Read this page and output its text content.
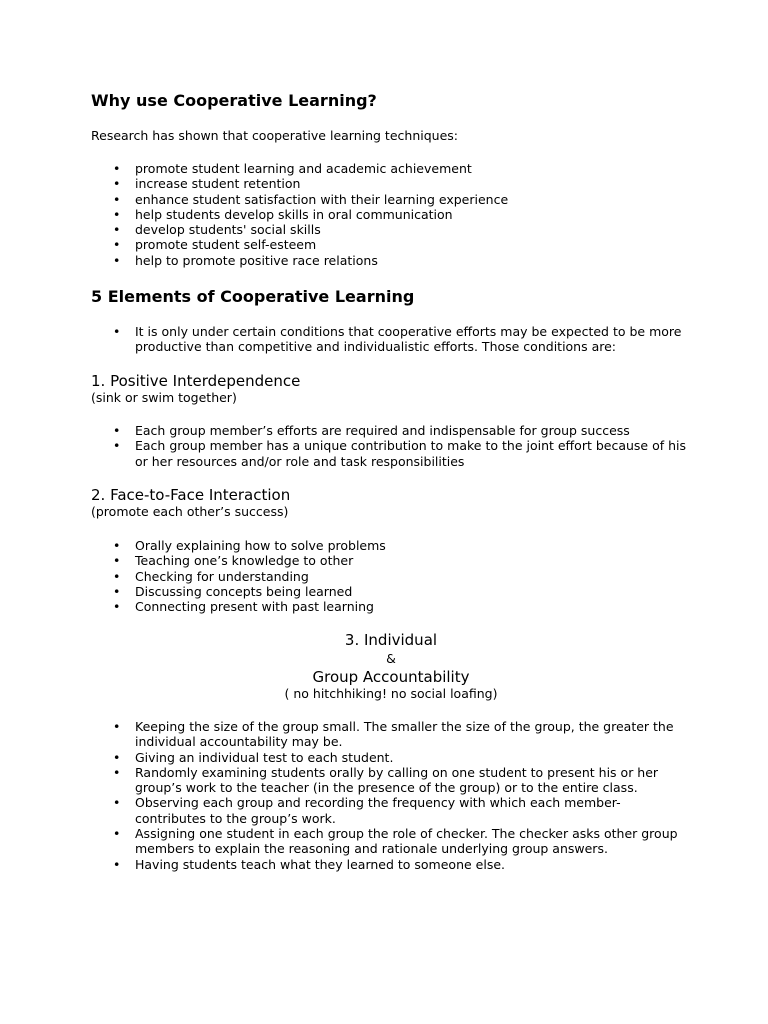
Why use Cooperative Learning?

Research has shown that cooperative learning techniques:

• promote student learning and academic achievement
• increase student retention
• enhance student satisfaction with their learning experience
• help students develop skills in oral communication
• develop students' social skills
• promote student self-esteem
• help to promote positive race relations
5 Elements of Cooperative Learning
• It is only under certain conditions that cooperative efforts may be expected to be more productive than competitive and individualistic efforts. Those conditions are:
1. Positive Interdependence

(sink or swim together)

• Each group member’s efforts are required and indispensable for group success
• Each group member has a unique contribution to make to the joint effort because of his or her resources and/or role and task responsibilities
2. Face-to-Face Interaction

(promote each other’s success)

• Orally explaining how to solve problems
• Teaching one’s knowledge to other
• Checking for understanding
• Discussing concepts being learned
• Connecting present with past learning
3. Individual

&

Group Accountability

( no hitchhiking! no social loafing)

• Keeping the size of the group small. The smaller the size of the group, the greater the individual accountability may be.
• Giving an individual test to each student.
• Randomly examining students orally by calling on one student to present his or her group’s work to the teacher (in the presence of the group) or to the entire class.
• Observing each group and recording the frequency with which each member-contributes to the group’s work.
• Assigning one student in each group the role of checker. The checker asks other group members to explain the reasoning and rationale underlying group answers.
• Having students teach what they learned to someone else.
